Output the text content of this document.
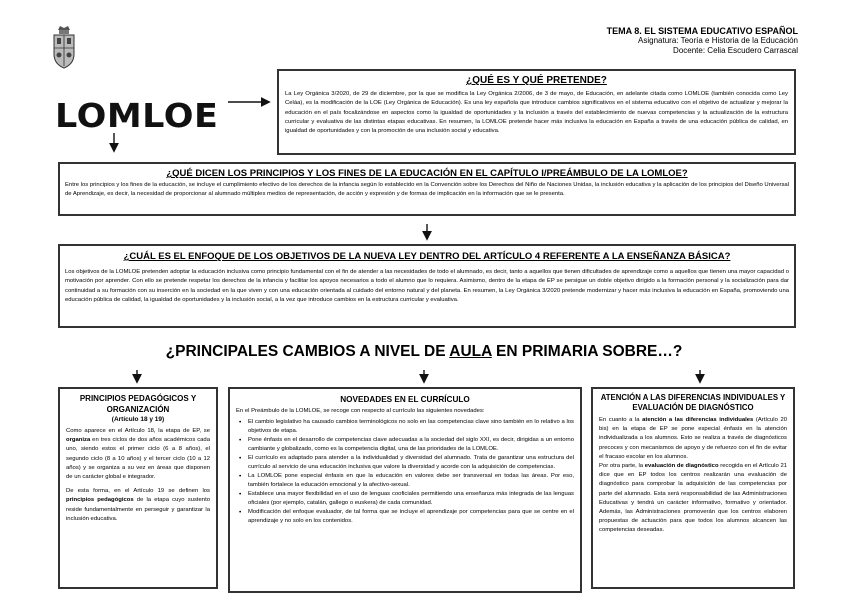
TEMA 8. EL SISTEMA EDUCATIVO ESPAÑOL
Asignatura: Teoría e Historia de la Educación
Docente: Celia Escudero Carrascal
LOMLOE
¿QUÉ ES Y QUÉ PRETENDE?

La Ley Orgánica 3/2020, de 29 de diciembre, por la que se modifica la Ley Orgánica 2/2006, de 3 de mayo, de Educación, en adelante citada como LOMLOE (también conocida como Ley Celáa), es la modificación de la LOE (Ley Orgánica de Educación). Es una ley española que introduce cambios significativos en el sistema educativo con el objetivo de actualizar y mejorar la educación en el país focalizándose en aspectos como la igualdad de oportunidades y la inclusión a través del establecimiento de nuevas competencias y la actualización de la estructura curricular y evaluativa de las distintas etapas educativas. En resumen, la LOMLOE pretende hacer más inclusiva la educación en España a través de una educación pública de calidad, en igualdad de oportunidades y con la promoción de una inclusión social y educativa.

¿QUÉ DICEN LOS PRINCIPIOS Y LOS FINES DE LA EDUCACIÓN EN EL CAPÍTULO I/PREÁMBULO DE LA LOMLOE?

Entre los principios y los fines de la educación, se incluye el cumplimiento efectivo de los derechos de la infancia según lo establecido en la Convención sobre los Derechos del Niño de Naciones Unidas, la inclusión educativa y la aplicación de los principios del Diseño Universal de Aprendizaje, es decir, la necesidad de proporcionar al alumnado múltiples medios de representación, de acción y expresión y de formas de implicación en la información que se le presenta.

¿CUÁL ES EL ENFOQUE DE LOS OBJETIVOS DE LA NUEVA LEY DENTRO DEL ARTÍCULO 4 REFERENTE A LA ENSEÑANZA BÁSICA?

Los objetivos de la LOMLOE pretenden adoptar la educación inclusiva como principio fundamental con el fin de atender a las necesidades de todo el alumnado, es decir, tanto a aquellos que tienen dificultades de aprendizaje como a aquellos que tienen una mayor capacidad o motivación por aprender. Con ello se pretende respetar los derechos de la infancia y facilitar los apoyos necesarios a todo el alumno que lo requiera. Asimismo, dentro de la etapa de EP se persigue un doble objetivo dirigido a la formación personal y la socialización para dar continuidad a su formación con su inserción en la sociedad en la que viven y con una educación orientada al cuidado del entorno natural y del planeta. En resumen, la Ley Orgánica 3/2020 pretende modernizar y hacer más inclusiva la educación en España, promoviendo una educación pública de calidad, la igualdad de oportunidades y la inclusión social, a la vez que introduce cambios en la estructura curricular y evaluativa.

¿PRINCIPALES CAMBIOS A NIVEL DE AULA EN PRIMARIA SOBRE…?
PRINCIPIOS PEDAGÓGICOS Y ORGANIZACIÓN
(Artículo 18 y 19)

Como aparece en el Artículo 18, la etapa de EP, se organiza en tres ciclos de dos años académicos cada uno, siendo estos el primer ciclo (6 a 8 años), el segundo ciclo (8 a 10 años) y el tercer ciclo (10 a 12 años) y se organiza a su vez en áreas que disponen de un carácter global e integrador.

De esta forma, en el Artículo 19 se definen los principios pedagógicos de la etapa cuyo sustento reside fundamentalmente en perseguir y garantizar la inclusión educativa.

NOVEDADES EN EL CURRÍCULO

En el Preámbulo de la LOMLOE, se recoge con respecto al currículo las siguientes novedades:

• El cambio legislativo ha causado cambios terminológicos no solo en las competencias clave sino también en lo relativo a los objetivos de etapa.
• Pone énfasis en el desarrollo de competencias clave adecuadas a la sociedad del siglo XXI, es decir, dirigidas a un entorno cambiante y globalizado, como es la competencia digital, una de las prioridades de la LOMLOE.
• El currículo es adaptado para atender a la individualidad y diversidad del alumnado. Trata de garantizar una estructura del currículo al servicio de una educación inclusiva que valore la diversidad y acorde con la adquisición de competencias.
• La LOMLOE pone especial énfasis en que la educación en valores debe ser transversal en todas las áreas. Por eso, también fortalece la educación emocional y la afectivo-sexual.
• Establece una mayor flexibilidad en el uso de lenguas cooficiales permitiendo una enseñanza más integrada de las lenguas oficiales (por ejemplo, catalán, gallego o euskera) de cada comunidad.
• Modificación del enfoque evaluador, de tal forma que se incluye el aprendizaje por competencias para que se centre en el aprendizaje y no solo en los contenidos.
ATENCIÓN A LAS DIFERENCIAS INDIVIDUALES Y EVALUACIÓN DE DIAGNÓSTICO

En cuanto a la atención a las diferencias individuales (Artículo 20 bis) en la etapa de EP se pone especial énfasis en la atención individualizada a los alumnos. Esto se realiza a través de diagnósticos precoces y con mecanismos de apoyo y de refuerzo con el fin de evitar el fracaso escolar en los alumnos.

Por otra parte, la evaluación de diagnóstico recogida en el Artículo 21 dice que en EP todos los centros realizarán una evaluación de diagnóstico para comprobar la adquisición de las competencias por parte del alumnado. Esta será responsabilidad de las Administraciones Educativas y tendrá un carácter informativo, formativo y orientador. Además, las Administraciones promoverán que los centros elaboren propuestas de actuación para que todos los alumnos alcancen las competencias deseadas.
